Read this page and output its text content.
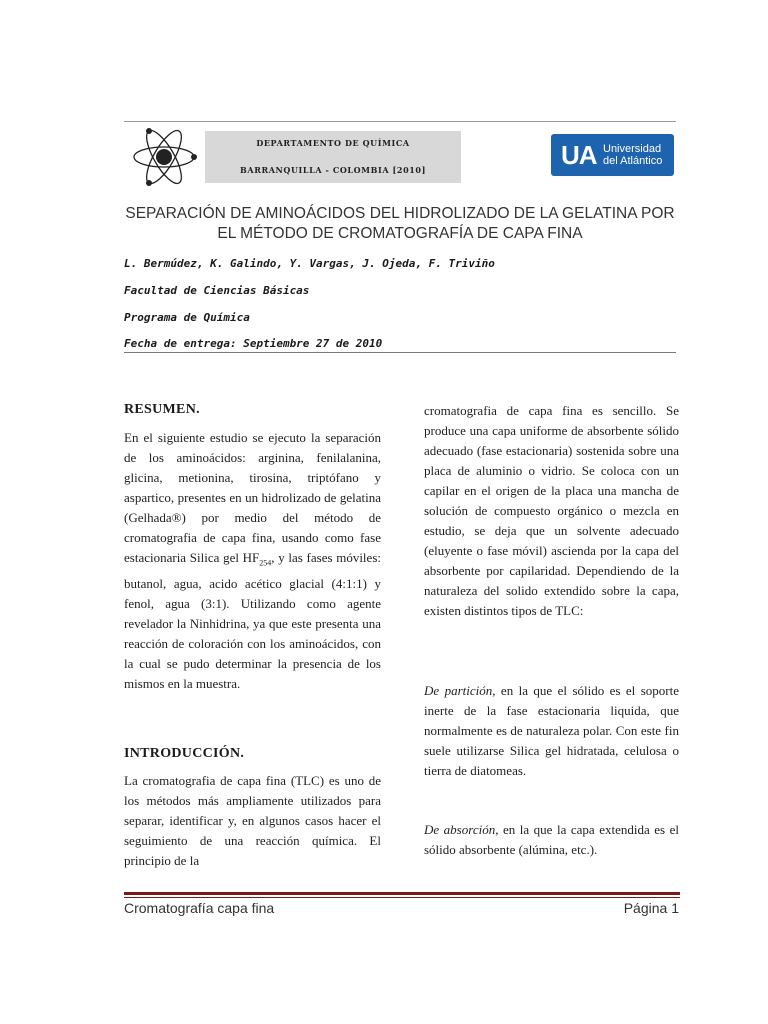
DEPARTAMENTO DE QUÍMICA
BARRANQUILLA - COLOMBIA [2010]	UA Universidad
del Atlántico
SEPARACIÓN DE AMINOÁCIDOS DEL HIDROLIZADO DE LA GELATINA POR
EL MÉTODO DE CROMATOGRAFÍA DE CAPA FINA
L. Bermúdez, K. Galindo, Y. Vargas, J. Ojeda, F. Triviño
Facultad de Ciencias Básicas
Programa de Química
Fecha de entrega: Septiembre 27 de 2010
RESUMEN.
En el siguiente estudio se ejecuto la separación de los aminoácidos: arginina, fenilalanina, glicina, metionina, tirosina, triptófano y aspartico, presentes en un hidrolizado de gelatina (Gelhada®) por medio del método de cromatografia de capa fina, usando como fase estacionaria Silica gel $HF_{254}$, y las fases móviles: butanol, agua, acido acético glacial (4:1:1) y fenol, agua (3:1). Utilizando como agente revelador la Ninhidrina, ya que este presenta una reacción de coloración con los aminoácidos, con la cual se pudo determinar la presencia de los mismos en la muestra.
INTRODUCCIÓN.
La cromatografia de capa fina (TLC) es uno de los métodos más ampliamente utilizados para separar, identificar y, en algunos casos hacer el seguimiento de una reacción química. El principio de la
cromatografia de capa fina es sencillo. Se produce una capa uniforme de absorbente sólido adecuado (fase estacionaria) sostenida sobre una placa de aluminio o vidrio. Se coloca con un capilar en el origen de la placa una mancha de solución de compuesto orgánico o mezcla en estudio, se deja que un solvente adecuado (eluyente o fase móvil) ascienda por la capa del absorbente por capilaridad. Dependiendo de la naturaleza del solido extendido sobre la capa, existen distintos tipos de TLC:
De partición, en la que el sólido es el soporte inerte de la fase estacionaria liquida, que normalmente es de naturaleza polar. Con este fin suele utilizarse Silica gel hidratada, celulosa o tierra de diatomeas.
De absorción, en la que la capa extendida es el sólido absorbente (alúmina, etc.).
Cromatografía capa fina	Página 1
